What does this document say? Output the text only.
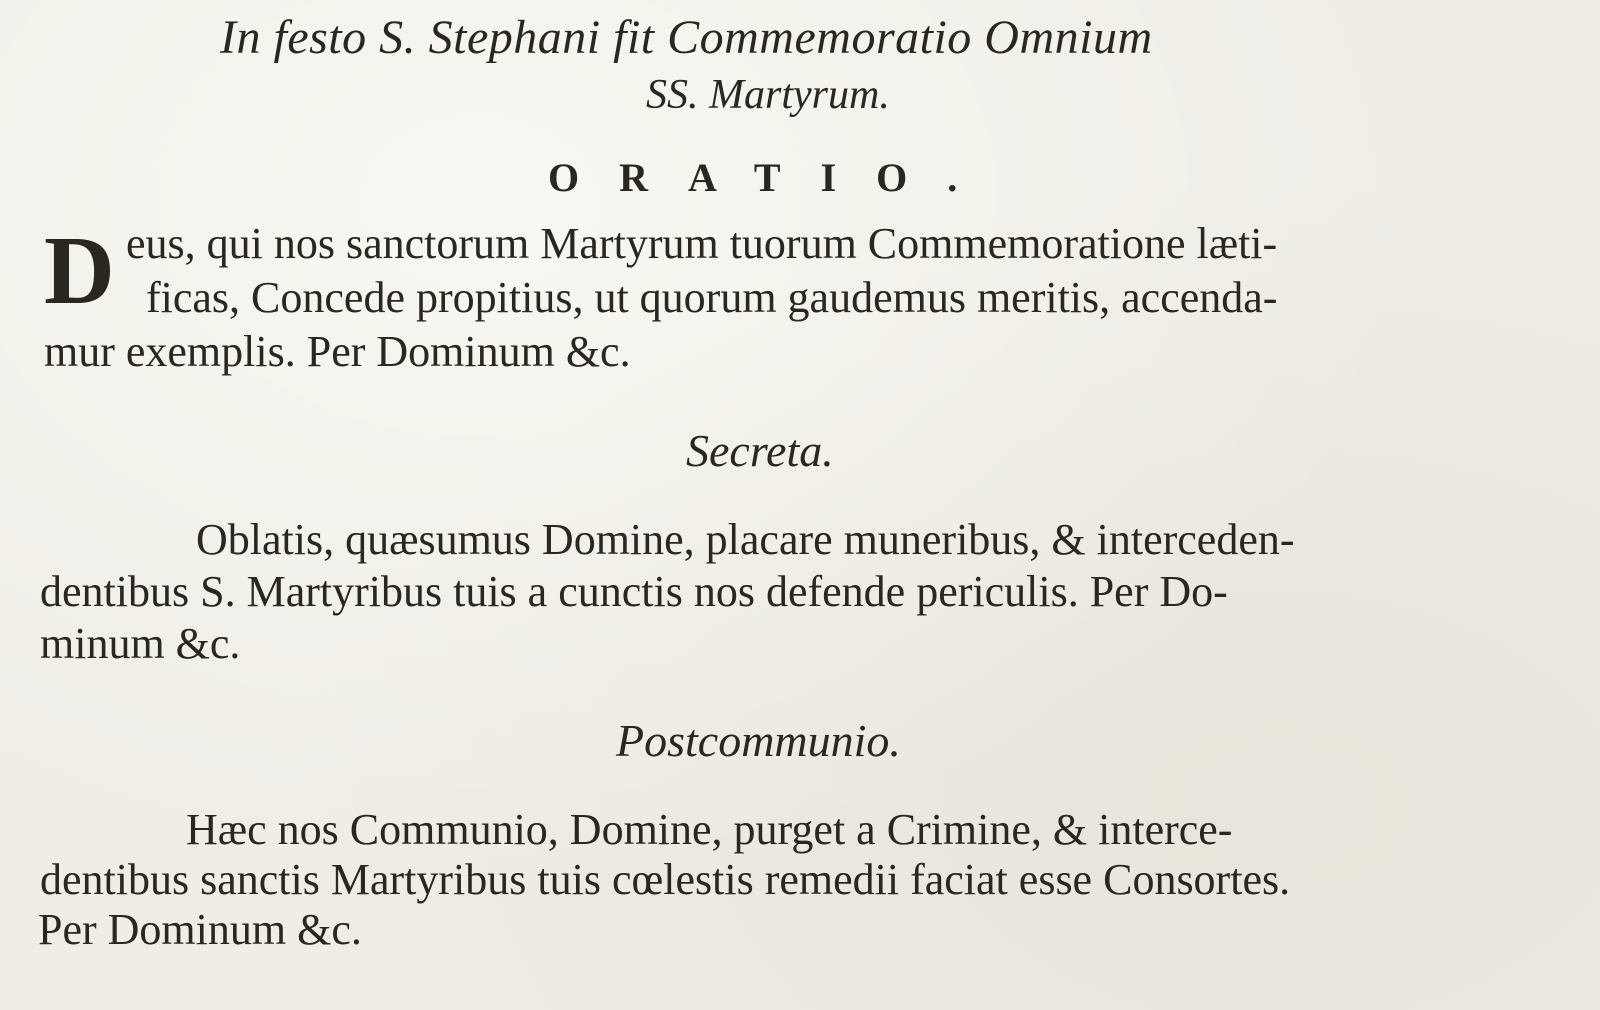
In festo S. Stephani fit Commemoratio Omnium
SS. Martyrum.
ORATIO.
D eus, qui nos sanctorum Martyrum tuorum Commemoratione læti-
ficas, Concede propitius, ut quorum gaudemus meritis, accenda-
mur exemplis. Per Dominum &c.
Secreta.
Oblatis, quæsumus Domine, placare muneribus, & interceden-
dentibus S. Martyribus tuis a cunctis nos defende periculis. Per Do-
minum &c.
Postcommunio.
Hæc nos Communio, Domine, purget a Crimine, & interce-
dentibus sanctis Martyribus tuis cœlestis remedii faciat esse Consortes.
Per Dominum &c.
